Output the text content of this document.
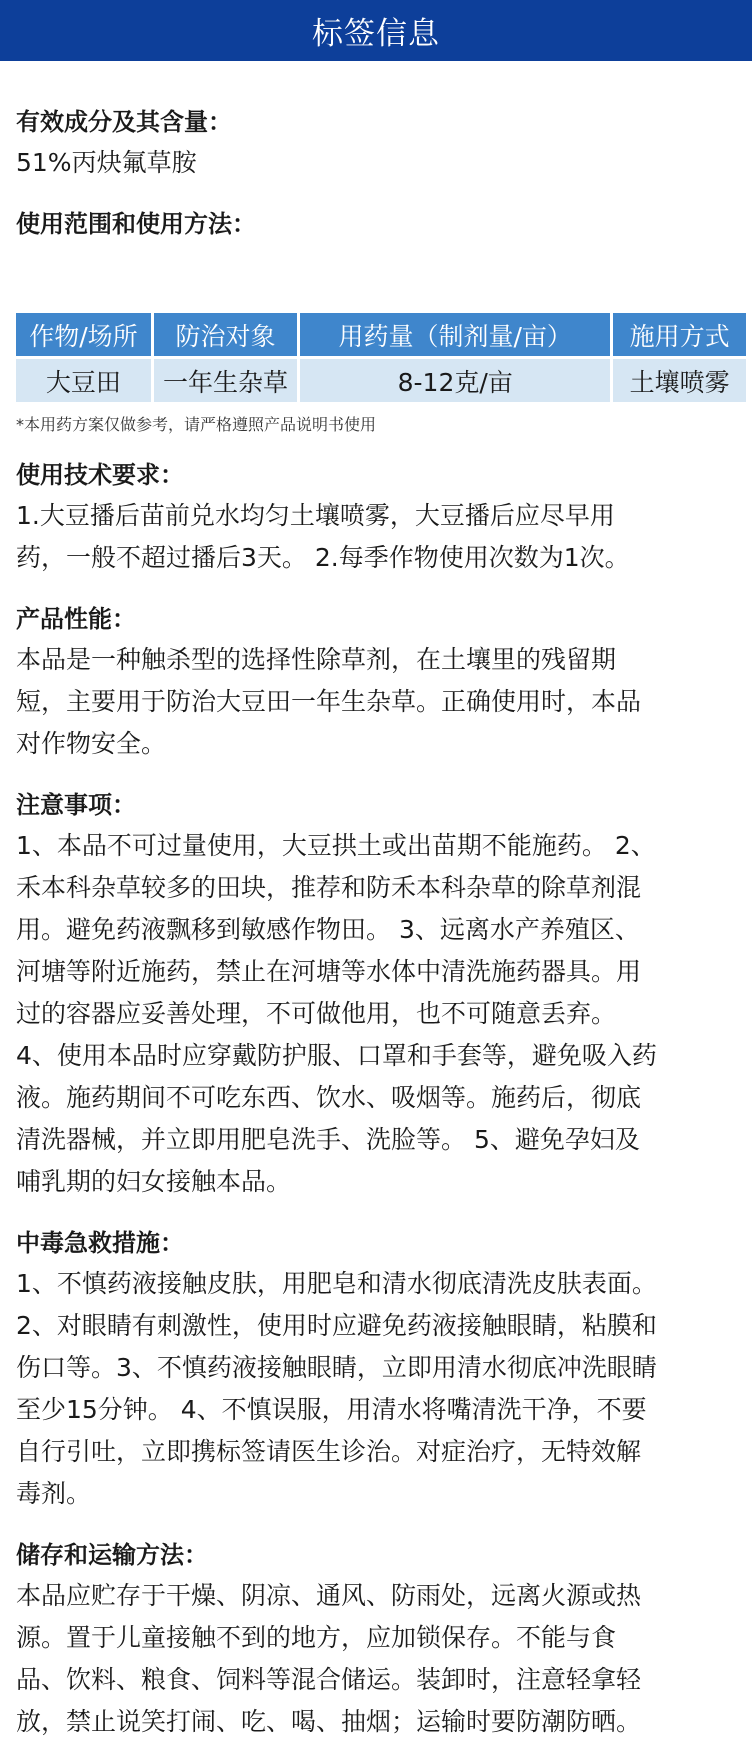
标签信息

有效成分及其含量：

51%丙炔氟草胺

使用范围和使用方法：

作物/场所	防治对象	用药量（制剂量/亩）	施用方式
大豆田	一年生杂草	8-12克/亩	土壤喷雾

*本用药方案仅做参考，请严格遵照产品说明书使用

使用技术要求：

1.大豆播后苗前兑水均匀土壤喷雾，大豆播后应尽早用
药，一般不超过播后3天。 2.每季作物使用次数为1次。

产品性能：

本品是一种触杀型的选择性除草剂，在土壤里的残留期
短，主要用于防治大豆田一年生杂草。正确使用时，本品
对作物安全。

注意事项：

1、本品不可过量使用，大豆拱土或出苗期不能施药。 2、
禾本科杂草较多的田块，推荐和防禾本科杂草的除草剂混
用。避免药液飘移到敏感作物田。 3、远离水产养殖区、
河塘等附近施药，禁止在河塘等水体中清洗施药器具。用
过的容器应妥善处理，不可做他用，也不可随意丢弃。
4、使用本品时应穿戴防护服、口罩和手套等，避免吸入药
液。施药期间不可吃东西、饮水、吸烟等。施药后，彻底
清洗器械，并立即用肥皂洗手、洗脸等。 5、避免孕妇及
哺乳期的妇女接触本品。

中毒急救措施：

1、不慎药液接触皮肤，用肥皂和清水彻底清洗皮肤表面。
2、对眼睛有刺激性，使用时应避免药液接触眼睛，粘膜和
伤口等。3、不慎药液接触眼睛，立即用清水彻底冲洗眼睛
至少15分钟。 4、不慎误服，用清水将嘴清洗干净，不要
自行引吐，立即携标签请医生诊治。对症治疗，无特效解
毒剂。

储存和运输方法：

本品应贮存于干燥、阴凉、通风、防雨处，远离火源或热
源。置于儿童接触不到的地方，应加锁保存。不能与食
品、饮料、粮食、饲料等混合储运。装卸时，注意轻拿轻
放，禁止说笑打闹、吃、喝、抽烟；运输时要防潮防晒。
